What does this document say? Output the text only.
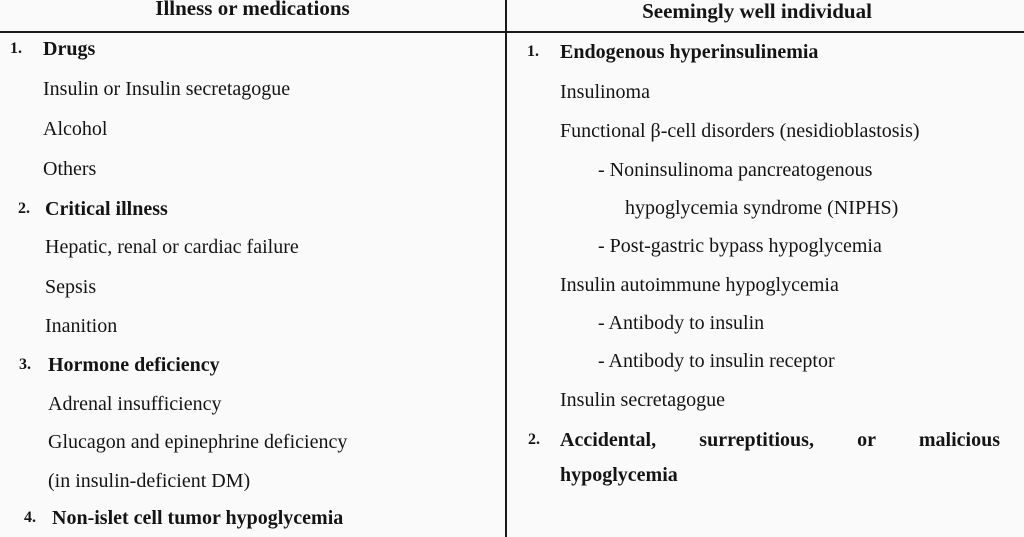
Illness or medications	Seemingly well individual
1. Drugs
Insulin or Insulin secretagogue
Alcohol
Others
2. Critical illness
Hepatic, renal or cardiac failure
Sepsis
Inanition
3. Hormone deficiency
Adrenal insufficiency
Glucagon and epinephrine deficiency
(in insulin-deficient DM)
4. Non-islet cell tumor hypoglycemia
1. Endogenous hyperinsulinemia
Insulinoma
Functional β-cell disorders (nesidioblastosis)
- Noninsulinoma pancreatogenous
hypoglycemia syndrome (NIPHS)
- Post-gastric bypass hypoglycemia
Insulin autoimmune hypoglycemia
- Antibody to insulin
- Antibody to insulin receptor
Insulin secretagogue
2. Accidental, surreptitious, or malicious
hypoglycemia
